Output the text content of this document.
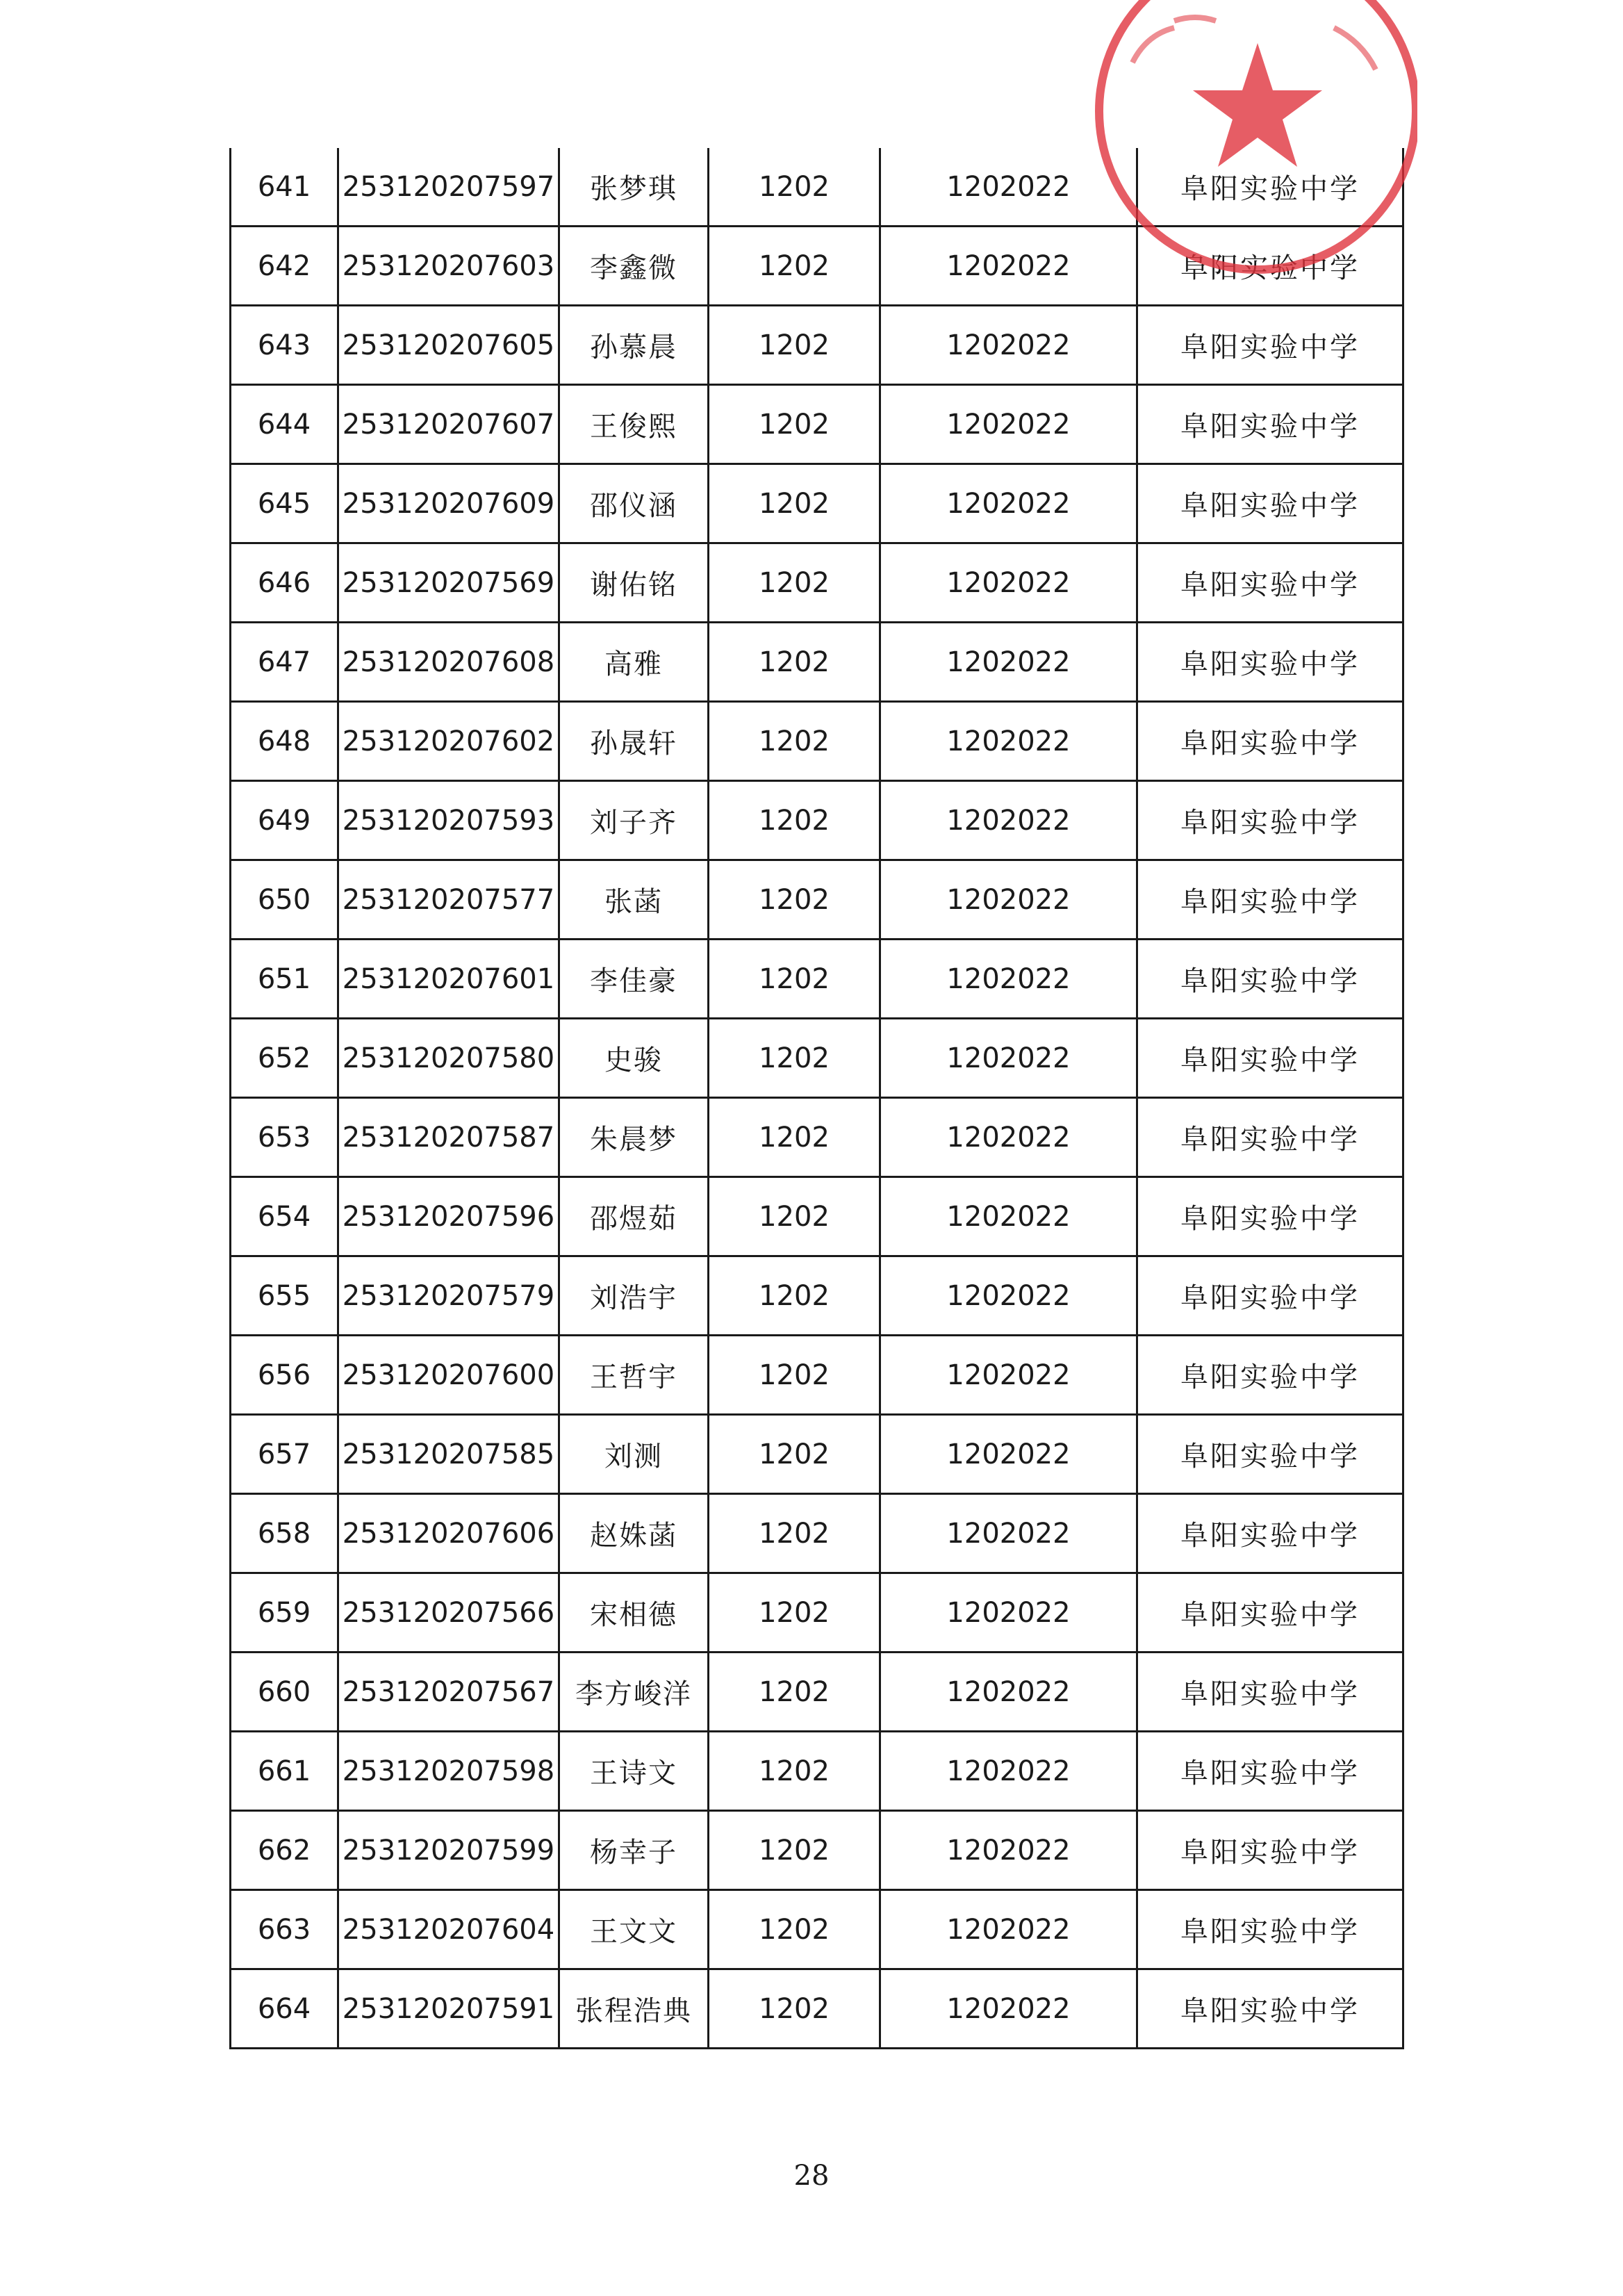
641	253120207597	张梦琪	1202	1202022	阜阳实验中学
642	253120207603	李鑫微	1202	1202022	阜阳实验中学
643	253120207605	孙慕晨	1202	1202022	阜阳实验中学
644	253120207607	王俊熙	1202	1202022	阜阳实验中学
645	253120207609	邵仪涵	1202	1202022	阜阳实验中学
646	253120207569	谢佑铭	1202	1202022	阜阳实验中学
647	253120207608	高雅	1202	1202022	阜阳实验中学
648	253120207602	孙晟轩	1202	1202022	阜阳实验中学
649	253120207593	刘子齐	1202	1202022	阜阳实验中学
650	253120207577	张菡	1202	1202022	阜阳实验中学
651	253120207601	李佳豪	1202	1202022	阜阳实验中学
652	253120207580	史骏	1202	1202022	阜阳实验中学
653	253120207587	朱晨梦	1202	1202022	阜阳实验中学
654	253120207596	邵煜茹	1202	1202022	阜阳实验中学
655	253120207579	刘浩宇	1202	1202022	阜阳实验中学
656	253120207600	王哲宇	1202	1202022	阜阳实验中学
657	253120207585	刘测	1202	1202022	阜阳实验中学
658	253120207606	赵姝菡	1202	1202022	阜阳实验中学
659	253120207566	宋相德	1202	1202022	阜阳实验中学
660	253120207567	李方峻洋	1202	1202022	阜阳实验中学
661	253120207598	王诗文	1202	1202022	阜阳实验中学
662	253120207599	杨幸子	1202	1202022	阜阳实验中学
663	253120207604	王文文	1202	1202022	阜阳实验中学
664	253120207591	张程浩典	1202	1202022	阜阳实验中学
28
